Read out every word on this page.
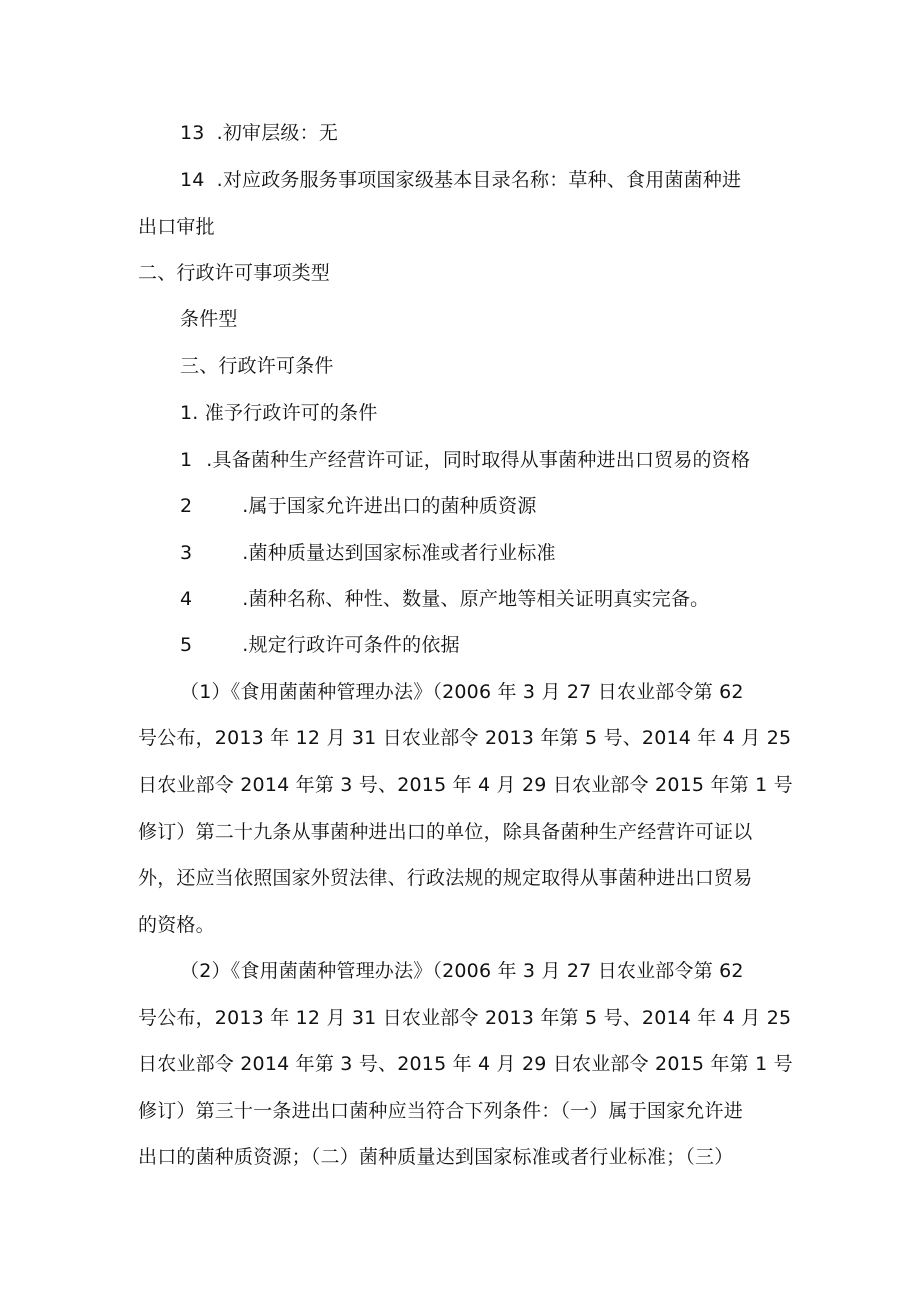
13 .初审层级：无
14 .对应政务服务事项国家级基本目录名称：草种、食用菌菌种进
出口审批
二、行政许可事项类型
条件型
三、行政许可条件
1. 准予行政许可的条件
1 .具备菌种生产经营许可证，同时取得从事菌种进出口贸易的资格
2	.属于国家允许进出口的菌种质资源
3	.菌种质量达到国家标准或者行业标准
4	.菌种名称、种性、数量、原产地等相关证明真实完备。
5	.规定行政许可条件的依据
（1）《食用菌菌种管理办法》（2006 年 3 月 27 日农业部令第 62
号公布，2013 年 12 月 31 日农业部令 2013 年第 5 号、2014 年 4 月 25
日农业部令 2014 年第 3 号、2015 年 4 月 29 日农业部令 2015 年第 1 号
修订）第二十九条从事菌种进出口的单位，除具备菌种生产经营许可证以
外，还应当依照国家外贸法律、行政法规的规定取得从事菌种进出口贸易
的资格。
（2）《食用菌菌种管理办法》（2006 年 3 月 27 日农业部令第 62
号公布，2013 年 12 月 31 日农业部令 2013 年第 5 号、2014 年 4 月 25
日农业部令 2014 年第 3 号、2015 年 4 月 29 日农业部令 2015 年第 1 号
修订）第三十一条进出口菌种应当符合下列条件：（一）属于国家允许进
出口的菌种质资源；（二）菌种质量达到国家标准或者行业标准；（三）
